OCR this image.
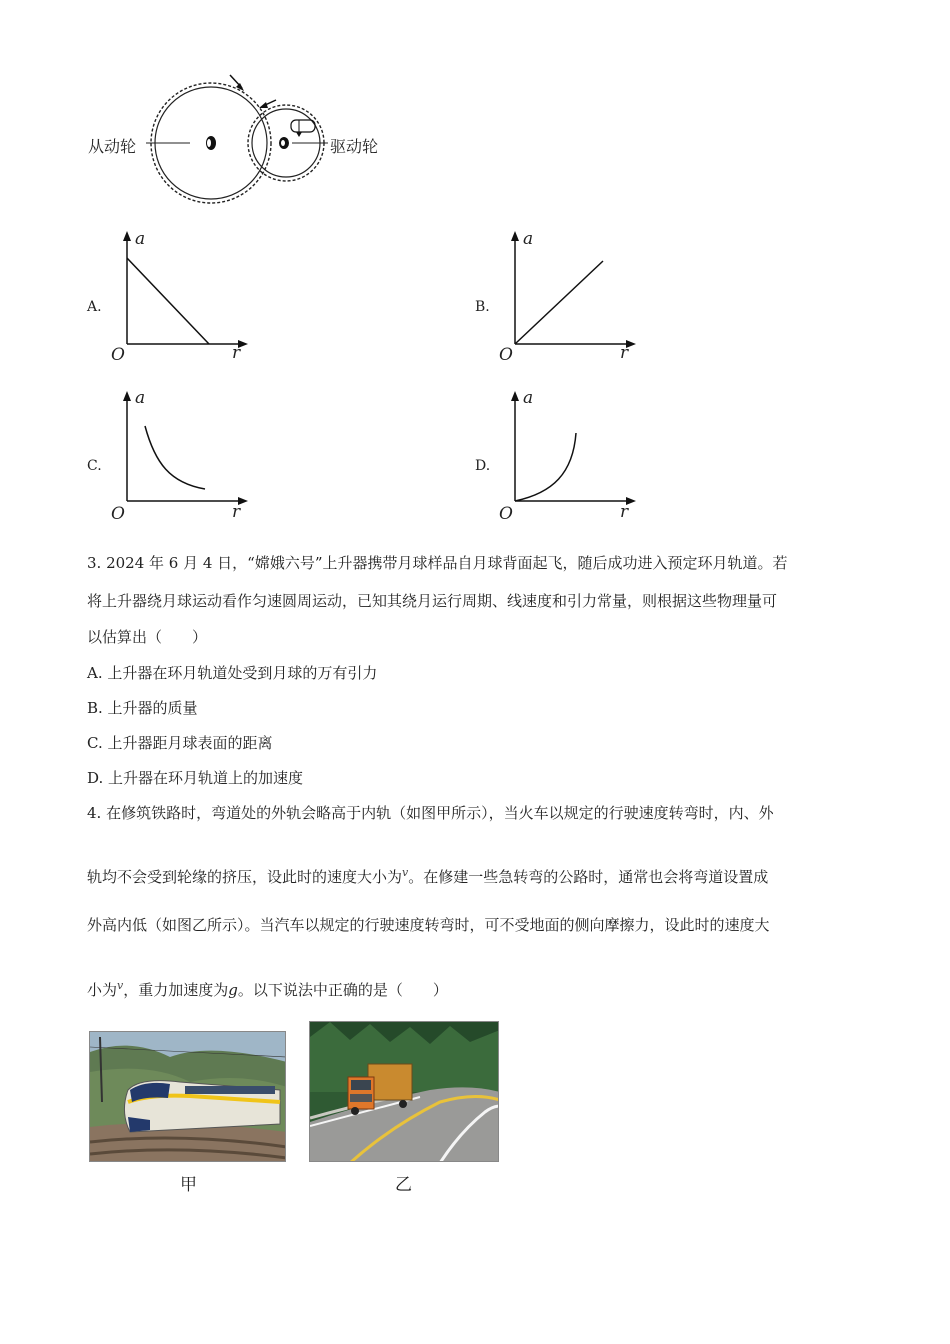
从动轮	驱动轮
A.
a
r
O
B.
a
r
O
C.
a
r
O
D.
a
r
O
3. 2024 年 6 月 4 日，“嫦娥六号”上升器携带月球样品自月球背面起飞，随后成功进入预定环月轨道。若
将上升器绕月球运动看作匀速圆周运动，已知其绕月运行周期、线速度和引力常量，则根据这些物理量可
以估算出（　　）
A. 上升器在环月轨道处受到月球的万有引力
B. 上升器的质量
C. 上升器距月球表面的距离
D. 上升器在环月轨道上的加速度
4. 在修筑铁路时，弯道处的外轨会略高于内轨（如图甲所示），当火车以规定的行驶速度转弯时，内、外
轨均不会受到轮缘的挤压，设此时的速度大小为$^v$。在修建一些急转弯的公路时，通常也会将弯道设置成
外高内低（如图乙所示）。当汽车以规定的行驶速度转弯时，可不受地面的侧向摩擦力，设此时的速度大
小为$^v$，重力加速度为g。以下说法中正确的是（　　）
甲	乙
